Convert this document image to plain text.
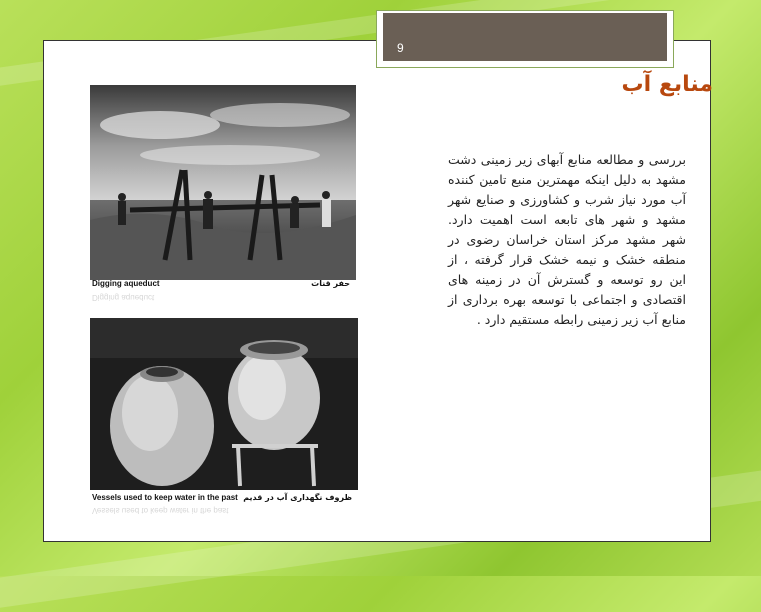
9
منابع آب
بررسی و مطالعه منابع آبهای زیر زمینی دشت مشهد به دلیل اینکه مهمترین منبع تامین کننده آب مورد نیاز شرب و کشاورزی و صنایع شهر مشهد و شهر های تابعه است اهمیت دارد. شهر مشهد مرکز استان خراسان رضوی در منطقه خشک و نیمه خشک قرار گرفته ، از این رو توسعه و گسترش آن در زمینه های اقتصادی و اجتماعی با توسعه بهره برداری از منابع آب زیر زمینی رابطه مستقیم دارد .
Digging aqueduct	حفر قنات
Digging aqueduct
Vessels used to keep water in the past ظروف نگهداری آب در قدیم
Vessels used to keep water in the past
